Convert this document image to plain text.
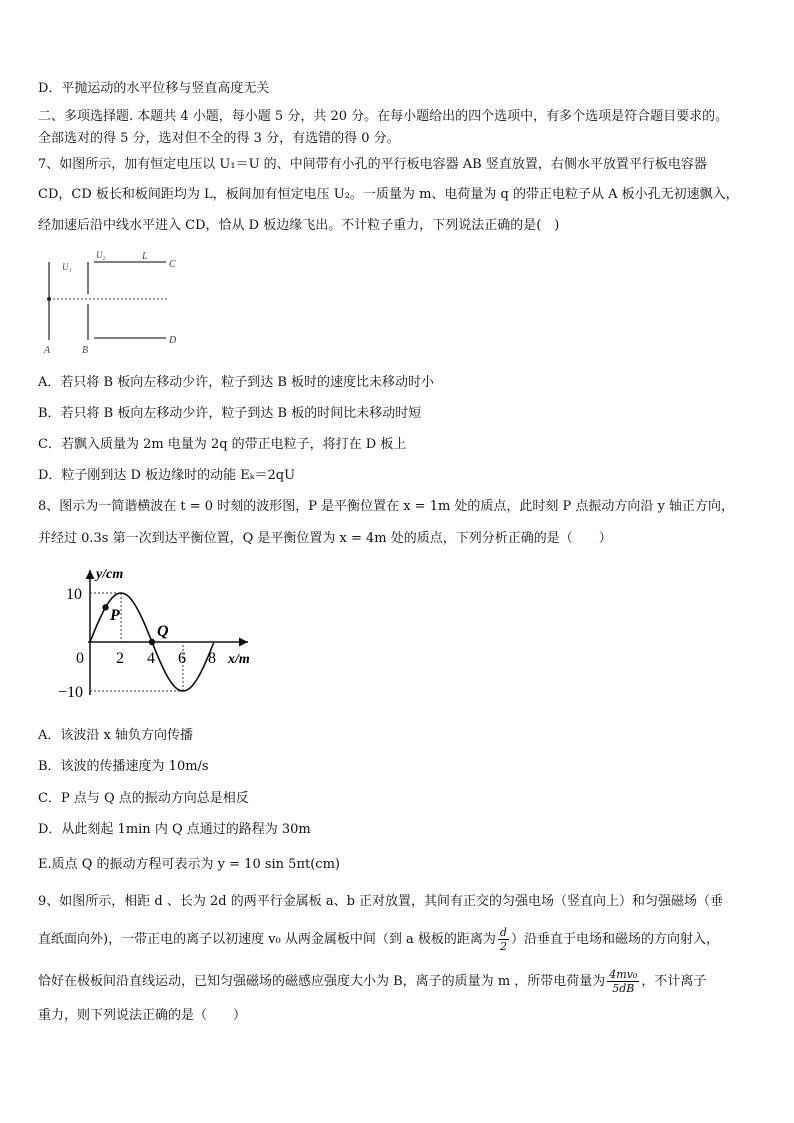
D．平抛运动的水平位移与竖直高度无关
二、多项选择题. 本题共 4 小题，每小题 5 分，共 20 分。在每小题给出的四个选项中，有多个选项是符合题目要求的。
全部选对的得 5 分，选对但不全的得 3 分，有选错的得 0 分。
7、如图所示，加有恒定电压以 U₁＝U 的、中间带有小孔的平行板电容器 AB 竖直放置，右侧水平放置平行板电容器
CD，CD 板长和板间距均为 L，板间加有恒定电压 U₂。一质量为 m、电荷量为 q 的带正电粒子从 A 板小孔无初速飘入，
经加速后沿中线水平进入 CD，恰从 D 板边缘飞出。不计粒子重力，下列说法正确的是(　)
U₁
U₂	L
C
D
A	B
A．若只将 B 板向左移动少许，粒子到达 B 板时的速度比未移动时小
B．若只将 B 板向左移动少许，粒子到达 B 板的时间比未移动时短
C．若飘入质量为 2m 电量为 2q 的带正电粒子，将打在 D 板上
D．粒子刚到达 D 板边缘时的动能 Eₖ＝2qU
8、图示为一简谐横波在 t = 0 时刻的波形图，P 是平衡位置在 x = 1m 处的质点，此时刻 P 点振动方向沿 y 轴正方向，
并经过 0.3s 第一次到达平衡位置，Q 是平衡位置为 x = 4m 处的质点，下列分析正确的是（　　）
y/cm
x/m
10
−10
0 2 4 6 8
P
Q
A．该波沿 x 轴负方向传播
B．该波的传播速度为 10m/s
C．P 点与 Q 点的振动方向总是相反
D．从此刻起 1min 内 Q 点通过的路程为 30m
E.质点 Q 的振动方程可表示为 y = 10 sin 5πt(cm)
9、如图所示，相距 d 、长为 2d 的两平行金属板 a、b 正对放置，其间有正交的匀强电场（竖直向上）和匀强磁场（垂
直纸面向外)，一带正电的离子以初速度 v₀ 从两金属板中间（到 a 极板的距离为 $\frac{d}{2}$ ）沿垂直于电场和磁场的方向射入，
恰好在极板间沿直线运动，已知匀强磁场的磁感应强度大小为 B，离子的质量为 m ，所带电荷量为 $\frac{\text{4mv₀}}{5dB}$ ，不计离子
重力，则下列说法正确的是（　　）
